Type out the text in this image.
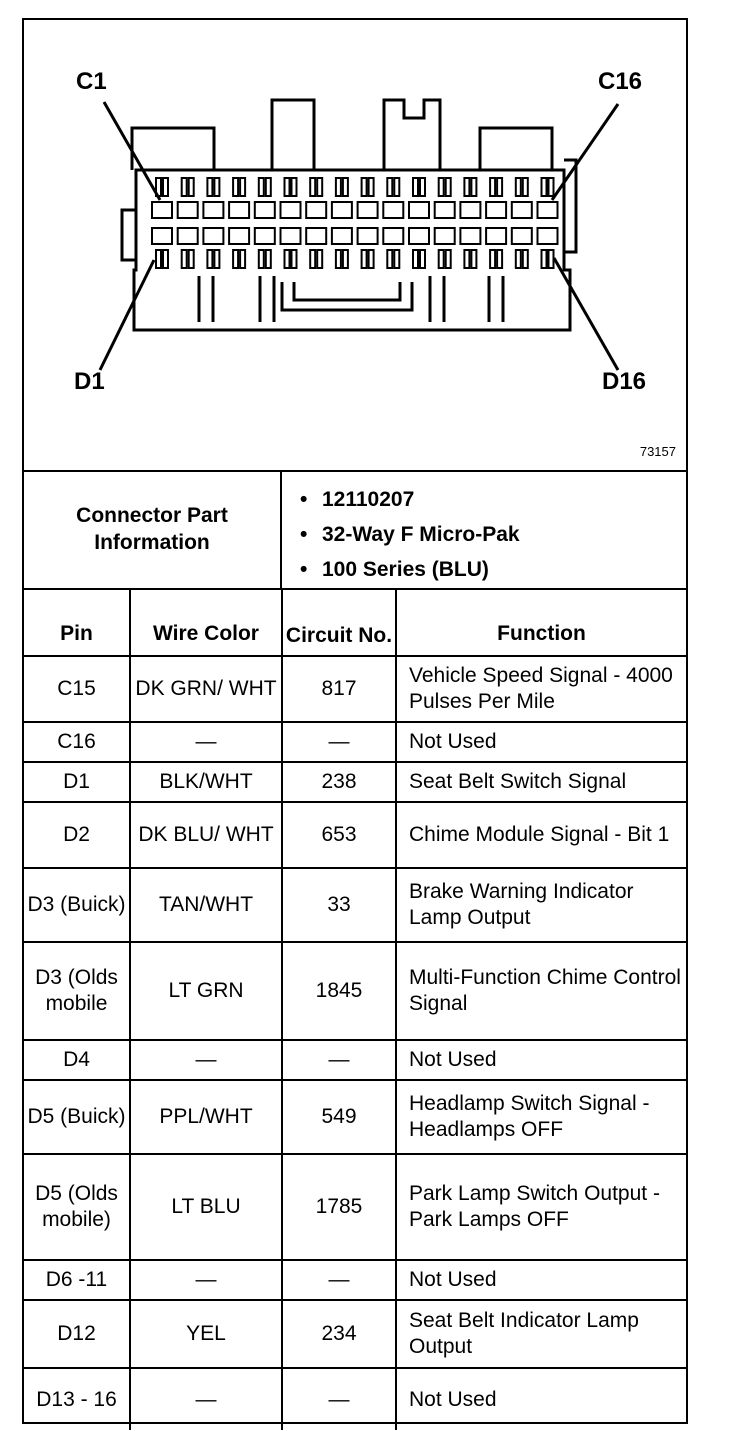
C1	C16
D1	D16
73157
Connector Part Information
• 12110207
• 32-Way F Micro-Pak
• 100 Series (BLU)
Pin	Wire Color	Circuit No.	Function
C15	DK GRN/ WHT	817	Vehicle Speed Signal - 4000 Pulses Per Mile
C16	—	—	Not Used
D1	BLK/WHT	238	Seat Belt Switch Signal
D2	DK BLU/ WHT	653	Chime Module Signal - Bit 1
D3 (Buick)	TAN/WHT	33	Brake Warning Indicator Lamp Output
D3 (Olds mobile	LT GRN	1845	Multi-Function Chime Control Signal
D4	—	—	Not Used
D5 (Buick)	PPL/WHT	549	Headlamp Switch Signal - Headlamps OFF
D5 (Olds mobile)	LT BLU	1785	Park Lamp Switch Output - Park Lamps OFF
D6 -11	—	—	Not Used
D12	YEL	234	Seat Belt Indicator Lamp Output
D13 - 16	—	—	Not Used
